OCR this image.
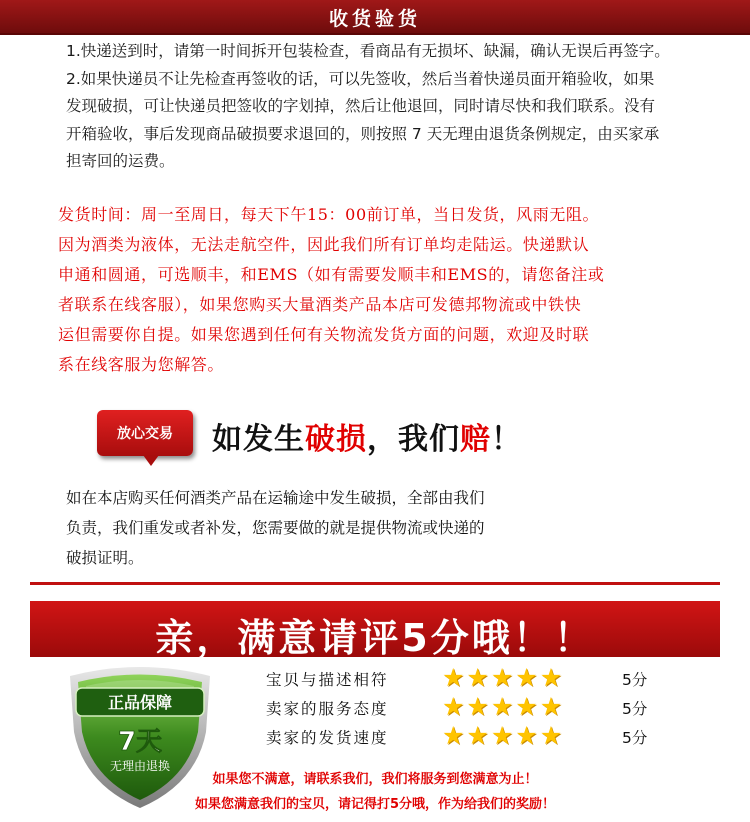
收货验货

1.快递送到时，请第一时间拆开包装检查，看商品有无损坏、缺漏，确认无误后再签字。

2.如果快递员不让先检查再签收的话，可以先签收，然后当着快递员面开箱验收，如果

发现破损，可让快递员把签收的字划掉，然后让他退回，同时请尽快和我们联系。没有

开箱验收，事后发现商品破损要求退回的，则按照 7 天无理由退货条例规定，由买家承

担寄回的运费。

发货时间：周一至周日，每天下午15：00前订单，当日发货，风雨无阻。

因为酒类为液体，无法走航空件，因此我们所有订单均走陆运。快递默认

申通和圆通，可选顺丰，和EMS（如有需要发顺丰和EMS的，请您备注或

者联系在线客服），如果您购买大量酒类产品本店可发德邦物流或中铁快

运但需要你自提。如果您遇到任何有关物流发货方面的问题，欢迎及时联

系在线客服为您解答。

放心交易	如发生破损，我们赔！
如在本店购买任何酒类产品在运输途中发生破损，全部由我们
负责，我们重发或者补发，您需要做的就是提供物流或快递的
破损证明。
亲，满意请评5分哦！！
正品保障
7天
无理由退换
宝贝与描述相符 ★★★★★	5分
卖家的服务态度 ★★★★★	5分
卖家的发货速度 ★★★★★	5分
如果您不满意，请联系我们，我们将服务到您满意为止！
如果您满意我们的宝贝，请记得打5分哦，作为给我们的奖励！
